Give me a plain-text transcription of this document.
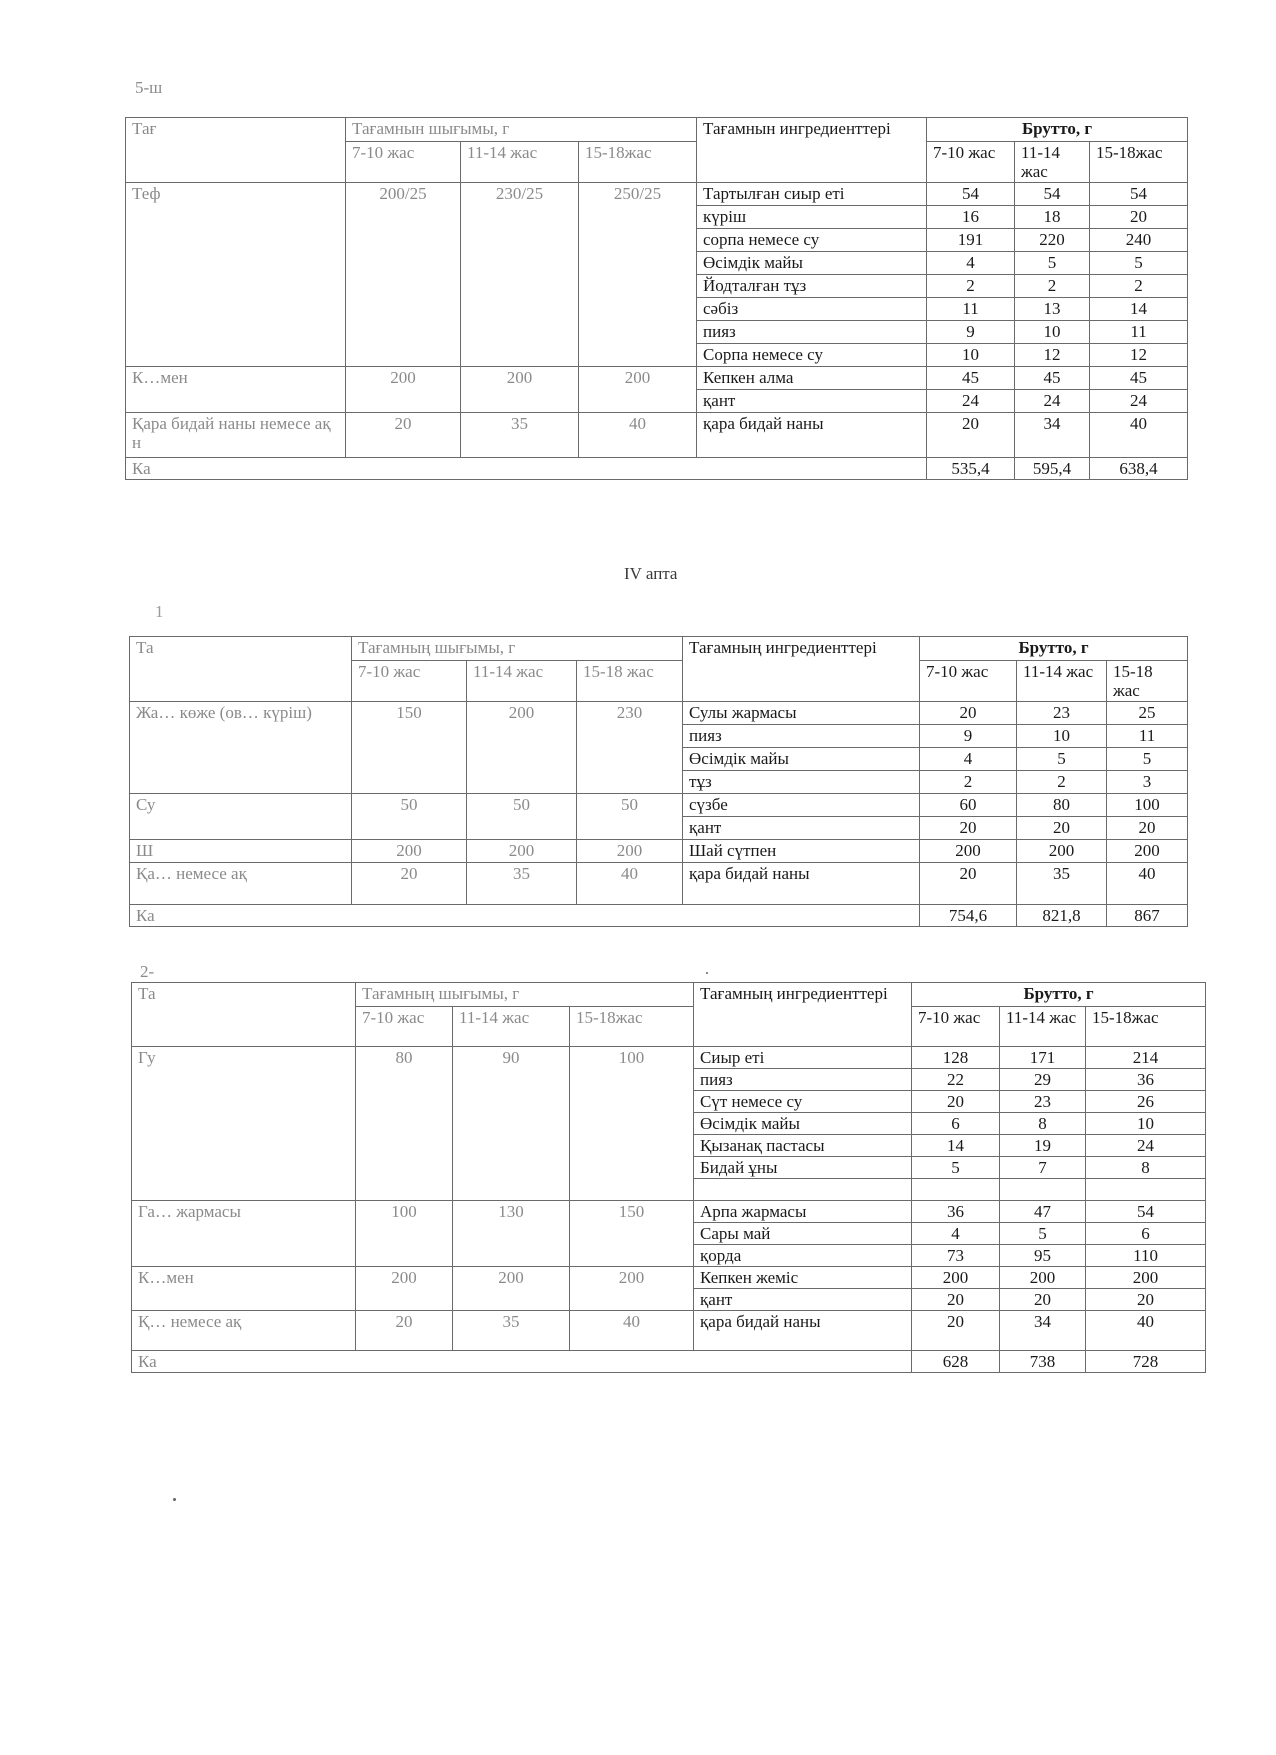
5-ш
Тағ	Тағамнын шығымы, г			Тағамнын ингредиенттері	Брутто, г		
	7-10 жас	11-14 жас	15-18жас		7-10 жас	11-14 жас	15-18жас
Теф	200/25	230/25	250/25	Тартылған сиыр еті	54	54	54
				күріш	16	18	20
				сорпа немесе су	191	220	240
				Өсімдік майы	4	5	5
				Йодталған тұз	2	2	2
				сәбіз	11	13	14
				пияз	9	10	11
				Сорпа немесе су	10	12	12
К…мен	200	200	200	Кепкен алма	45	45	45
				қант	24	24	24
Қара бидай наны немесе ақ н	20	35	40	қара бидай наны	20	34	40
Ка					535,4	595,4	638,4
IV апта
1
Та	Тағамның шығымы, г			Тағамның ингредиенттері	Брутто, г		
	7-10 жас	11-14 жас	15-18 жас		7-10 жас	11-14 жас	15-18 жас
Жа… көже (ов… күріш)	150	200	230	Сулы жармасы	20	23	25
				пияз	9	10	11
				Өсімдік майы	4	5	5
				тұз	2	2	3
Су	50	50	50	сүзбе	60	80	100
				қант	20	20	20
Ш	200	200	200	Шай сүтпен	200	200	200
Қа… немесе ақ	20	35	40	қара бидай наны	20	35	40
Ка					754,6	821,8	867
2-
Та	Тағамның шығымы, г			Тағамның ингредиенттері	Брутто, г		
	7-10 жас	11-14 жас	15-18жас		7-10 жас	11-14 жас	15-18жас
Гу	80	90	100	Сиыр еті	128	171	214
				пияз	22	29	36
				Сүт немесе су	20	23	26
				Өсімдік майы	6	8	10
				Қызанақ пастасы	14	19	24
				Бидай ұны	5	7	8

Га… жармасы	100	130	150	Арпа жармасы	36	47	54
				Сары май	4	5	6
				қорда	73	95	110
К…мен	200	200	200	Кепкен жеміс	200	200	200
				қант	20	20	20
Қ… немесе ақ	20	35	40	қара бидай наны	20	34	40
Ка					628	738	728
